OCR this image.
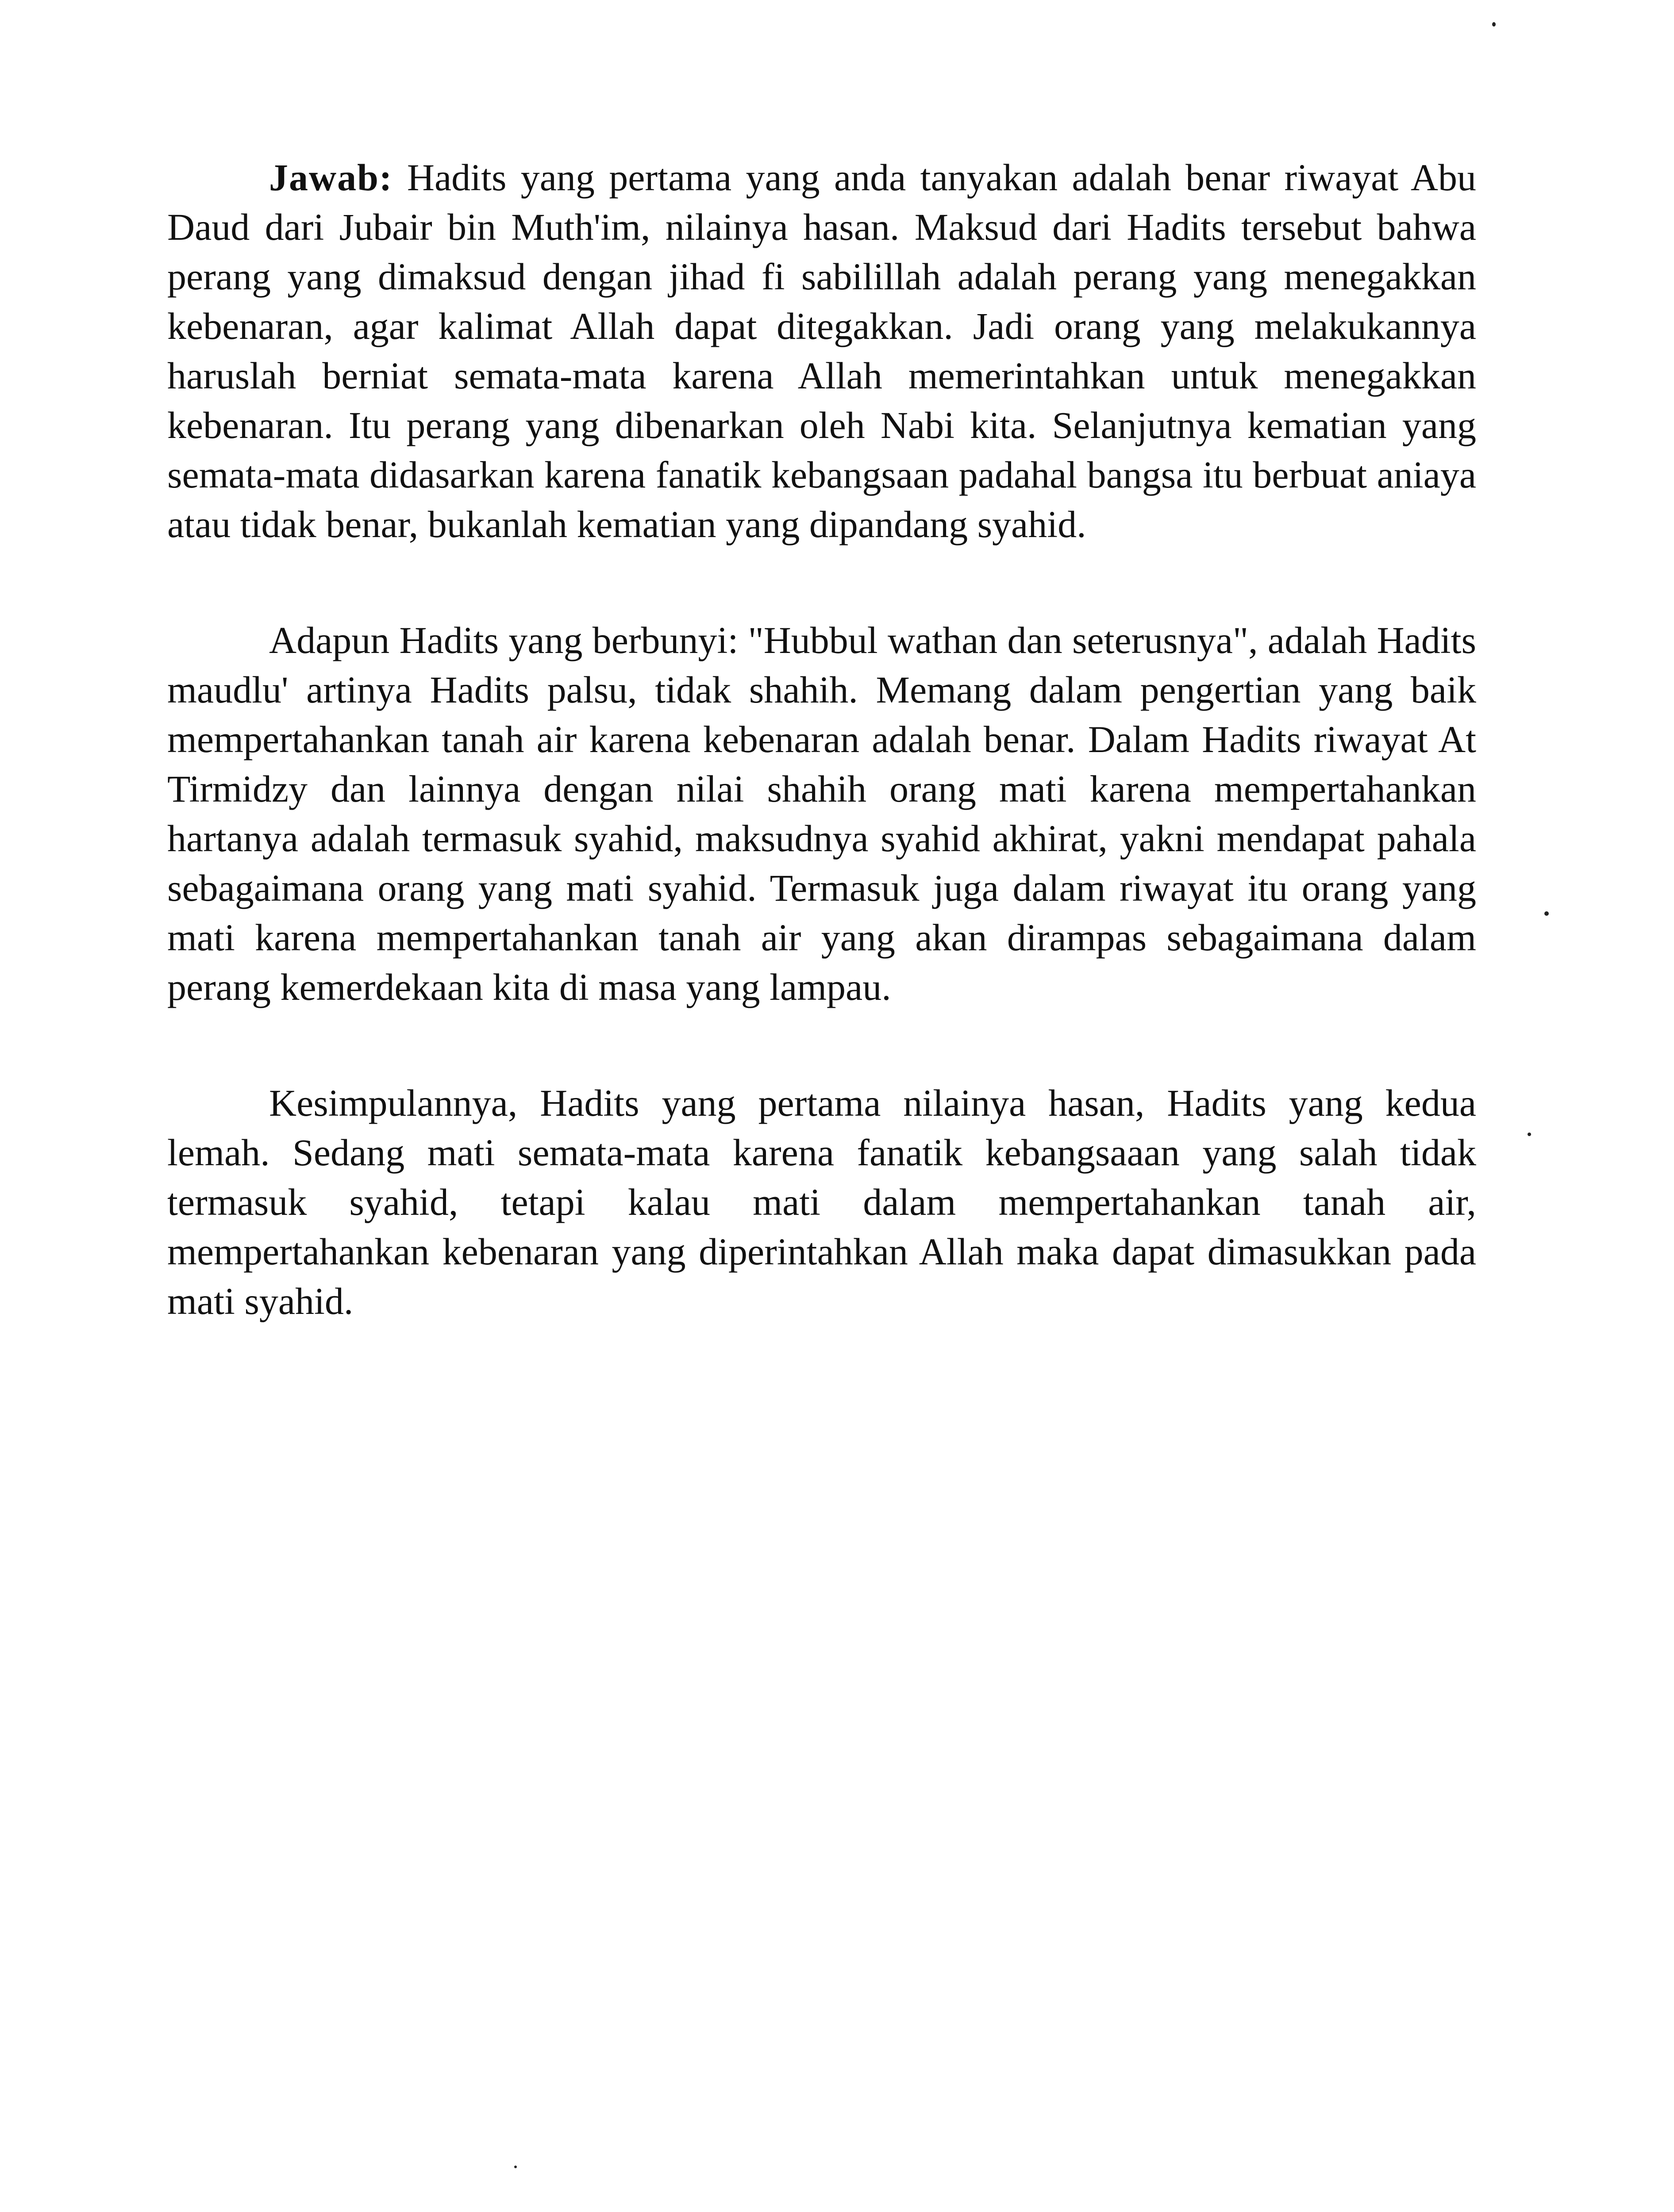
Jawab: Hadits yang pertama yang anda tanyakan adalah benar riwayat Abu Daud dari Jubair bin Muth'im, nilainya hasan. Maksud dari Hadits tersebut bahwa perang yang dimaksud dengan jihad fi sabilillah adalah perang yang menegakkan kebenaran, agar kalimat Allah dapat ditegakkan. Jadi orang yang melakukannya haruslah berniat semata-mata karena Allah memerintahkan untuk menegakkan kebenaran. Itu perang yang dibenarkan oleh Nabi kita. Selanjutnya kematian yang semata-mata didasarkan karena fanatik kebangsaan padahal bangsa itu berbuat aniaya atau tidak benar, bukanlah kematian yang dipandang syahid.

Adapun Hadits yang berbunyi: "Hubbul wathan dan seterusnya", adalah Hadits maudlu' artinya Hadits palsu, tidak shahih. Memang dalam pengertian yang baik mempertahankan tanah air karena kebenaran adalah benar. Dalam Hadits riwayat At Tirmidzy dan lainnya dengan nilai shahih orang mati karena mempertahankan hartanya adalah termasuk syahid, maksudnya syahid akhirat, yakni mendapat pahala sebagaimana orang yang mati syahid. Termasuk juga dalam riwayat itu orang yang mati karena mempertahankan tanah air yang akan dirampas sebagaimana dalam perang kemerdekaan kita di masa yang lampau.

Kesimpulannya, Hadits yang pertama nilainya hasan, Hadits yang kedua lemah. Sedang mati semata-mata karena fanatik kebangsaaan yang salah tidak termasuk syahid, tetapi kalau mati dalam mempertahankan tanah air, mempertahankan kebenaran yang diperintahkan Allah maka dapat dimasukkan pada mati syahid.
